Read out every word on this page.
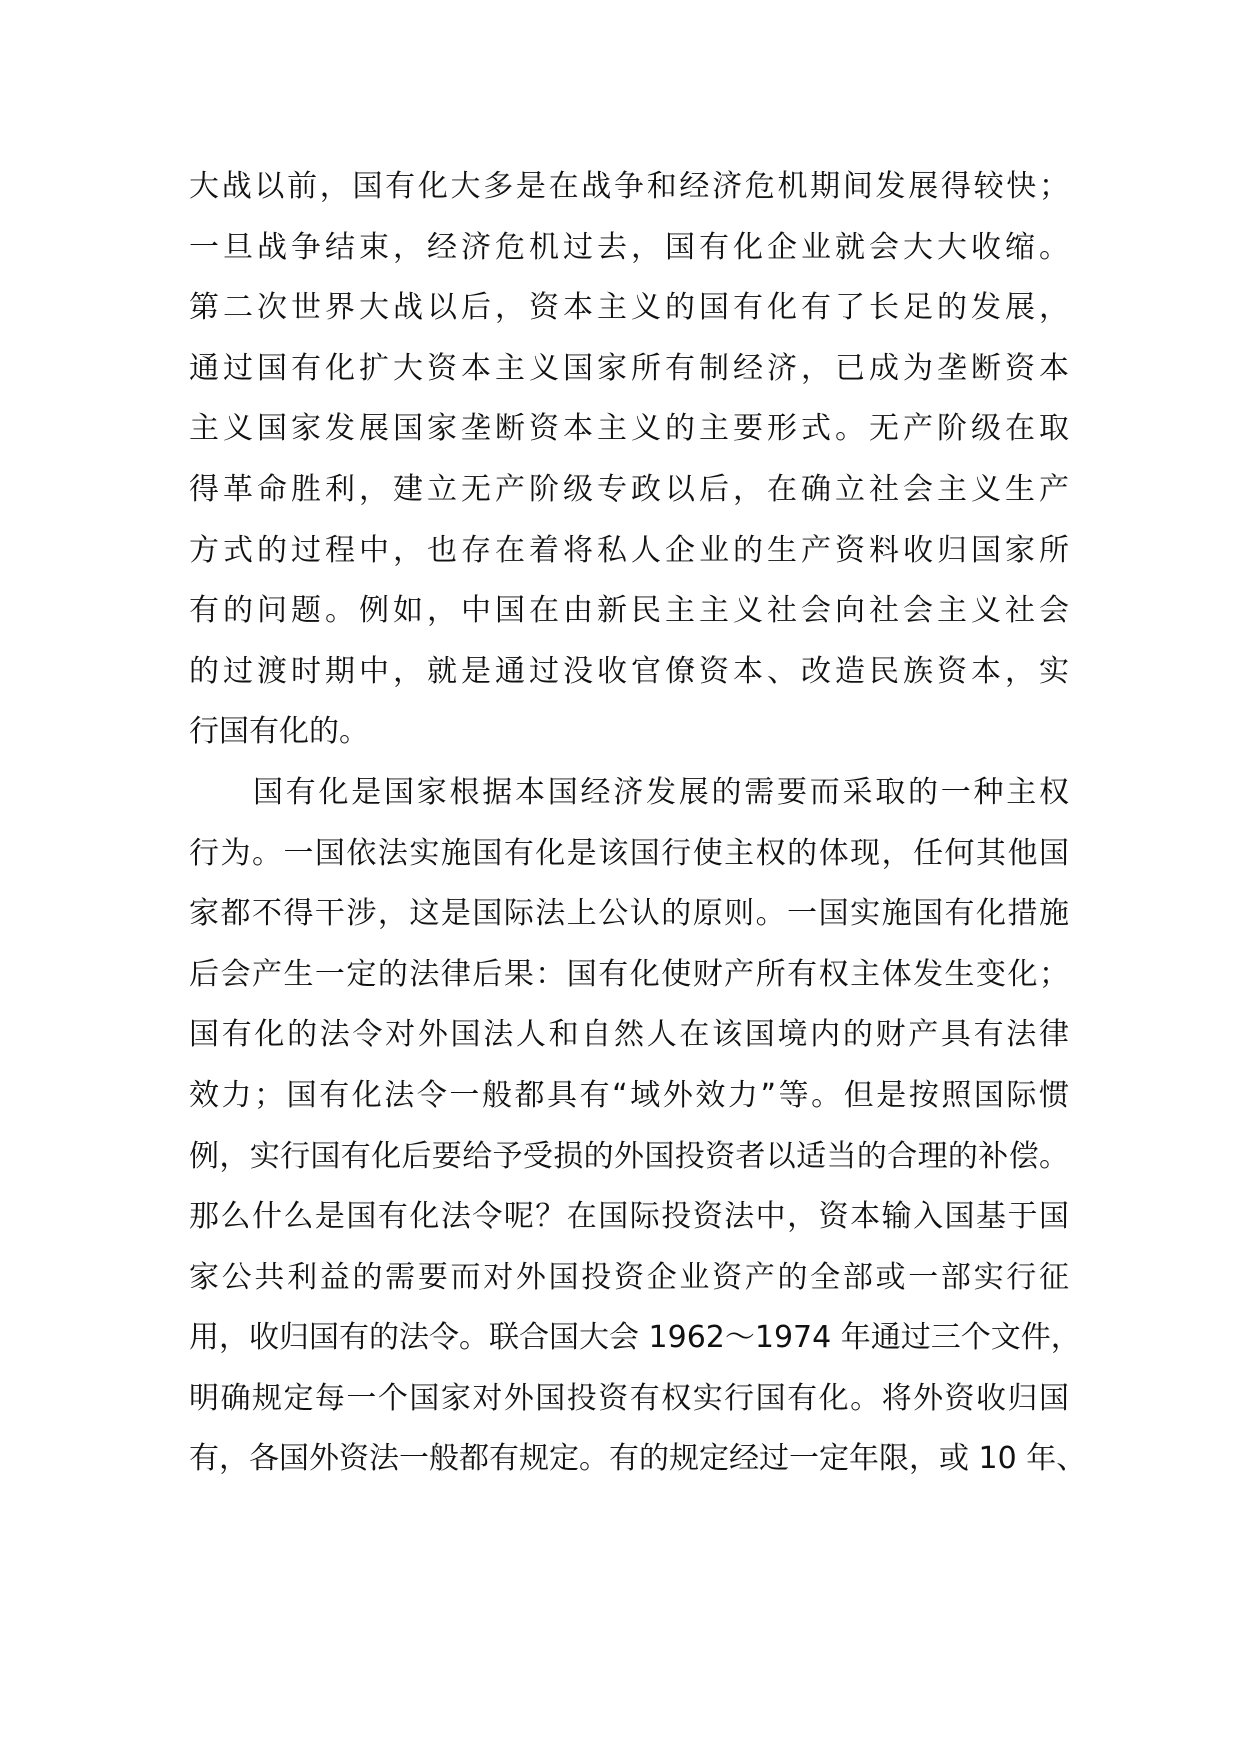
大战以前，国有化大多是在战争和经济危机期间发展得较快；
一旦战争结束，经济危机过去，国有化企业就会大大收缩。
第二次世界大战以后，资本主义的国有化有了长足的发展，
通过国有化扩大资本主义国家所有制经济，已成为垄断资本
主义国家发展国家垄断资本主义的主要形式。无产阶级在取
得革命胜利，建立无产阶级专政以后，在确立社会主义生产
方式的过程中，也存在着将私人企业的生产资料收归国家所
有的问题。例如，中国在由新民主主义社会向社会主义社会
的过渡时期中，就是通过没收官僚资本、改造民族资本，实
行国有化的。
国有化是国家根据本国经济发展的需要而采取的一种主权
行为。一国依法实施国有化是该国行使主权的体现，任何其他国
家都不得干涉，这是国际法上公认的原则。一国实施国有化措施
后会产生一定的法律后果：国有化使财产所有权主体发生变化；
国有化的法令对外国法人和自然人在该国境内的财产具有法律
效力；国有化法令一般都具有“域外效力”等。但是按照国际惯
例，实行国有化后要给予受损的外国投资者以适当的合理的补偿。
那么什么是国有化法令呢？在国际投资法中，资本输入国基于国
家公共利益的需要而对外国投资企业资产的全部或一部实行征
用，收归国有的法令。联合国大会 1962～1974 年通过三个文件，
明确规定每一个国家对外国投资有权实行国有化。将外资收归国
有，各国外资法一般都有规定。有的规定经过一定年限，或 10 年、
